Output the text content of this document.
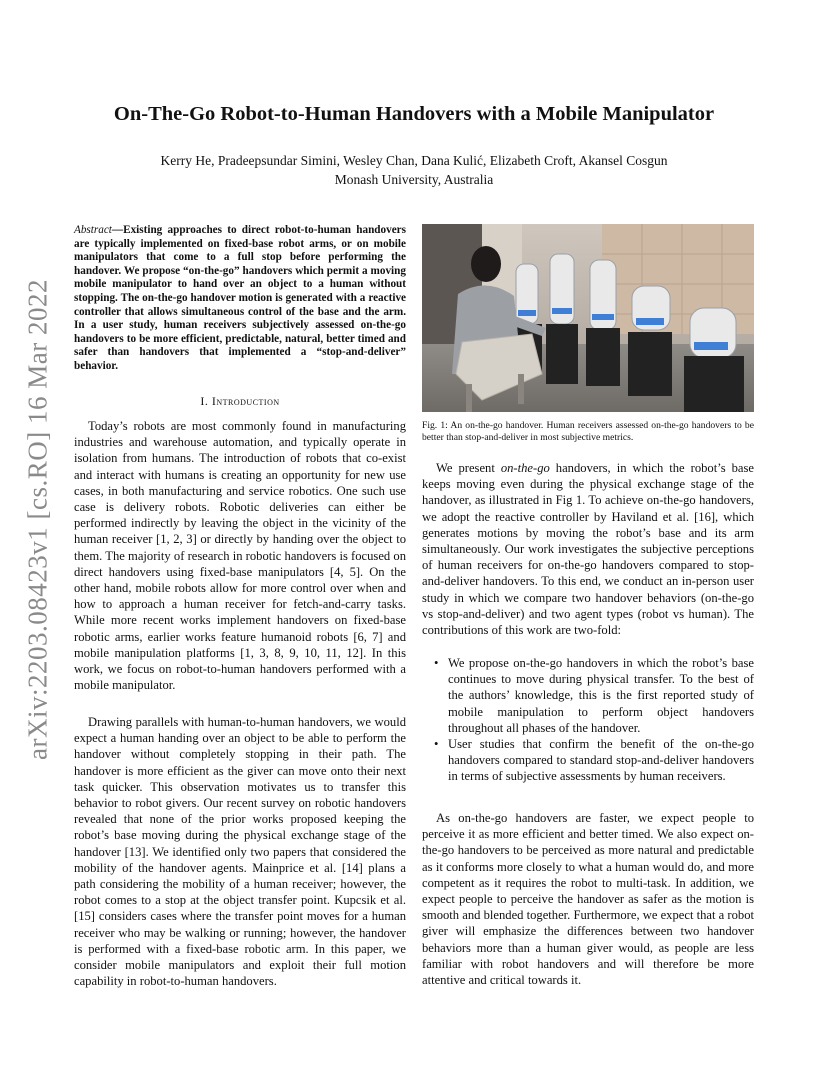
arXiv:2203.08423v1 [cs.RO] 16 Mar 2022
On-The-Go Robot-to-Human Handovers with a Mobile Manipulator
Kerry He, Pradeepsundar Simini, Wesley Chan, Dana Kulić, Elizabeth Croft, Akansel Cosgun
Monash University, Australia
Abstract—Existing approaches to direct robot-to-human handovers are typically implemented on fixed-base robot arms, or on mobile manipulators that come to a full stop before performing the handover. We propose “on-the-go” handovers which permit a moving mobile manipulator to hand over an object to a human without stopping. The on-the-go handover motion is generated with a reactive controller that allows simultaneous control of the base and the arm. In a user study, human receivers subjectively assessed on-the-go handovers to be more efficient, predictable, natural, better timed and safer than handovers that implemented a “stop-and-deliver” behavior.
I. Introduction
Today’s robots are most commonly found in manufacturing industries and warehouse automation, and typically operate in isolation from humans. The introduction of robots that co-exist and interact with humans is creating an opportunity for new use cases, in both manufacturing and service robotics. One such use case is delivery robots. Robotic deliveries can either be performed indirectly by leaving the object in the vicinity of the human receiver [1, 2, 3] or directly by handing over the object to them. The majority of research in robotic handovers is focused on direct handovers using fixed-base manipulators [4, 5]. On the other hand, mobile robots allow for more control over when and how to approach a human receiver for fetch-and-carry tasks. While more recent works implement handovers on fixed-base robotic arms, earlier works feature humanoid robots [6, 7] and mobile manipulation platforms [1, 3, 8, 9, 10, 11, 12]. In this work, we focus on robot-to-human handovers performed with a mobile manipulator.
Drawing parallels with human-to-human handovers, we would expect a human handing over an object to be able to perform the handover without completely stopping in their path. The handover is more efficient as the giver can move onto their next task quicker. This observation motivates us to transfer this behavior to robot givers. Our recent survey on robotic handovers revealed that none of the prior works proposed keeping the robot’s base moving during the physical exchange stage of the handover [13]. We identified only two papers that considered the mobility of the handover agents. Mainprice et al. [14] plans a path considering the mobility of a human receiver; however, the robot comes to a stop at the object transfer point. Kupcsik et al. [15] considers cases where the transfer point moves for a human receiver who may be walking or running; however, the handover is performed with a fixed-base robotic arm. In this paper, we consider mobile manipulators and exploit their full motion capability in robot-to-human handovers.
Fig. 1: An on-the-go handover. Human receivers assessed on-the-go handovers to be better than stop-and-deliver in most subjective metrics.
We present on-the-go handovers, in which the robot’s base keeps moving even during the physical exchange stage of the handover, as illustrated in Fig 1. To achieve on-the-go handovers, we adopt the reactive controller by Haviland et al. [16], which generates motions by moving the robot’s base and its arm simultaneously. Our work investigates the subjective perceptions of human receivers for on-the-go handovers compared to stop-and-deliver handovers. To this end, we conduct an in-person user study in which we compare two handover behaviors (on-the-go vs stop-and-deliver) and two agent types (robot vs human). The contributions of this work are two-fold:
• We propose on-the-go handovers in which the robot’s base continues to move during physical transfer. To the best of the authors’ knowledge, this is the first reported study of mobile manipulation to perform object handovers throughout all phases of the handover.
• User studies that confirm the benefit of the on-the-go handovers compared to standard stop-and-deliver handovers in terms of subjective assessments by human receivers.
As on-the-go handovers are faster, we expect people to perceive it as more efficient and better timed. We also expect on-the-go handovers to be perceived as more natural and predictable as it conforms more closely to what a human would do, and more competent as it requires the robot to multi-task. In addition, we expect people to perceive the handover as safer as the motion is smooth and blended together. Furthermore, we expect that a robot giver will emphasize the differences between two handover behaviors more than a human giver would, as people are less familiar with robot handovers and will therefore be more attentive and critical towards it.
